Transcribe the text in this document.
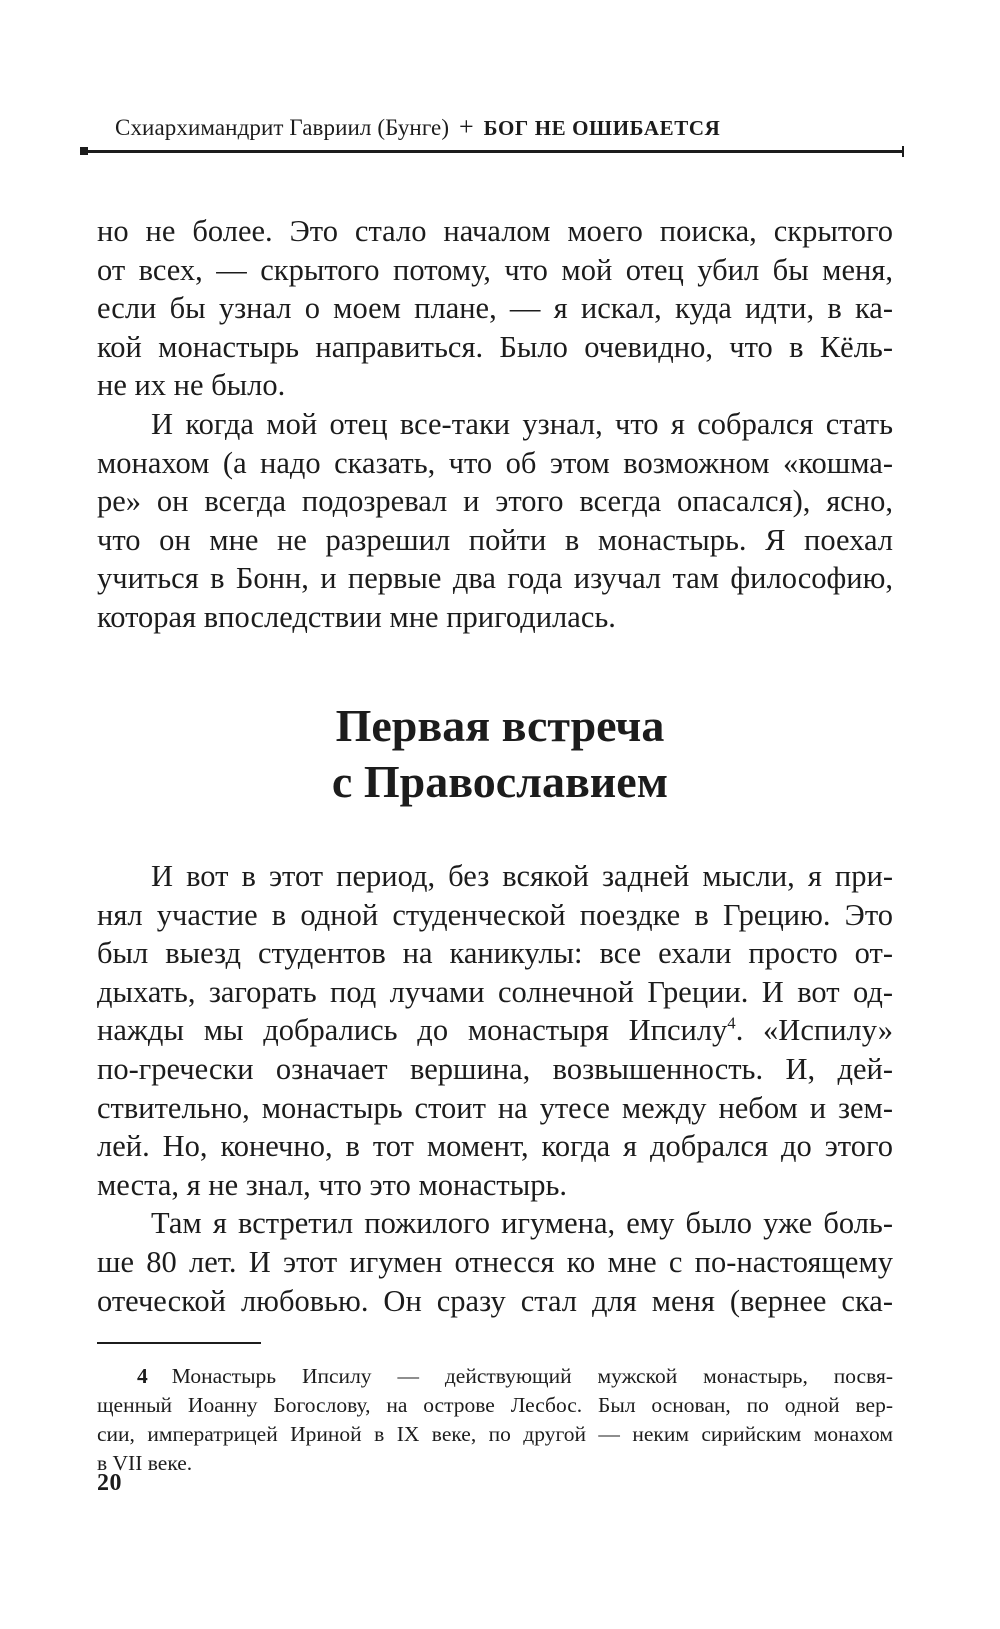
Схиархимандрит Гавриил (Бунге) + БОГ НЕ ОШИБАЕТСЯ
но не более. Это стало началом моего поиска, скрытого
от всех, — скрытого потому, что мой отец убил бы меня,
если бы узнал о моем плане, — я искал, куда идти, в ка-
кой монастырь направиться. Было очевидно, что в Кёль-
не их не было.
И когда мой отец все-таки узнал, что я собрался стать
монахом (а надо сказать, что об этом возможном «кошма-
ре» он всегда подозревал и этого всегда опасался), ясно,
что он мне не разрешил пойти в монастырь. Я поехал
учиться в Бонн, и первые два года изучал там философию,
которая впоследствии мне пригодилась.
Первая встреча
с Православием
И вот в этот период, без всякой задней мысли, я при-
нял участие в одной студенческой поездке в Грецию. Это
был выезд студентов на каникулы: все ехали просто от-
дыхать, загорать под лучами солнечной Греции. И вот од-
нажды мы добрались до монастыря Ипсилу$^4$. «Испилу»
по-гречески означает вершина, возвышенность. И, дей-
ствительно, монастырь стоит на утесе между небом и зем-
лей. Но, конечно, в тот момент, когда я добрался до этого
места, я не знал, что это монастырь.
Там я встретил пожилого игумена, ему было уже боль-
ше 80 лет. И этот игумен отнесся ко мне с по-настоящему
отеческой любовью. Он сразу стал для меня (вернее ска-
4 Монастырь Ипсилу — действующий мужской монастырь, посвя-
щенный Иоанну Богослову, на острове Лесбос. Был основан, по одной вер-
сии, императрицей Ириной в IX веке, по другой — неким сирийским монахом
в VII веке.
20
